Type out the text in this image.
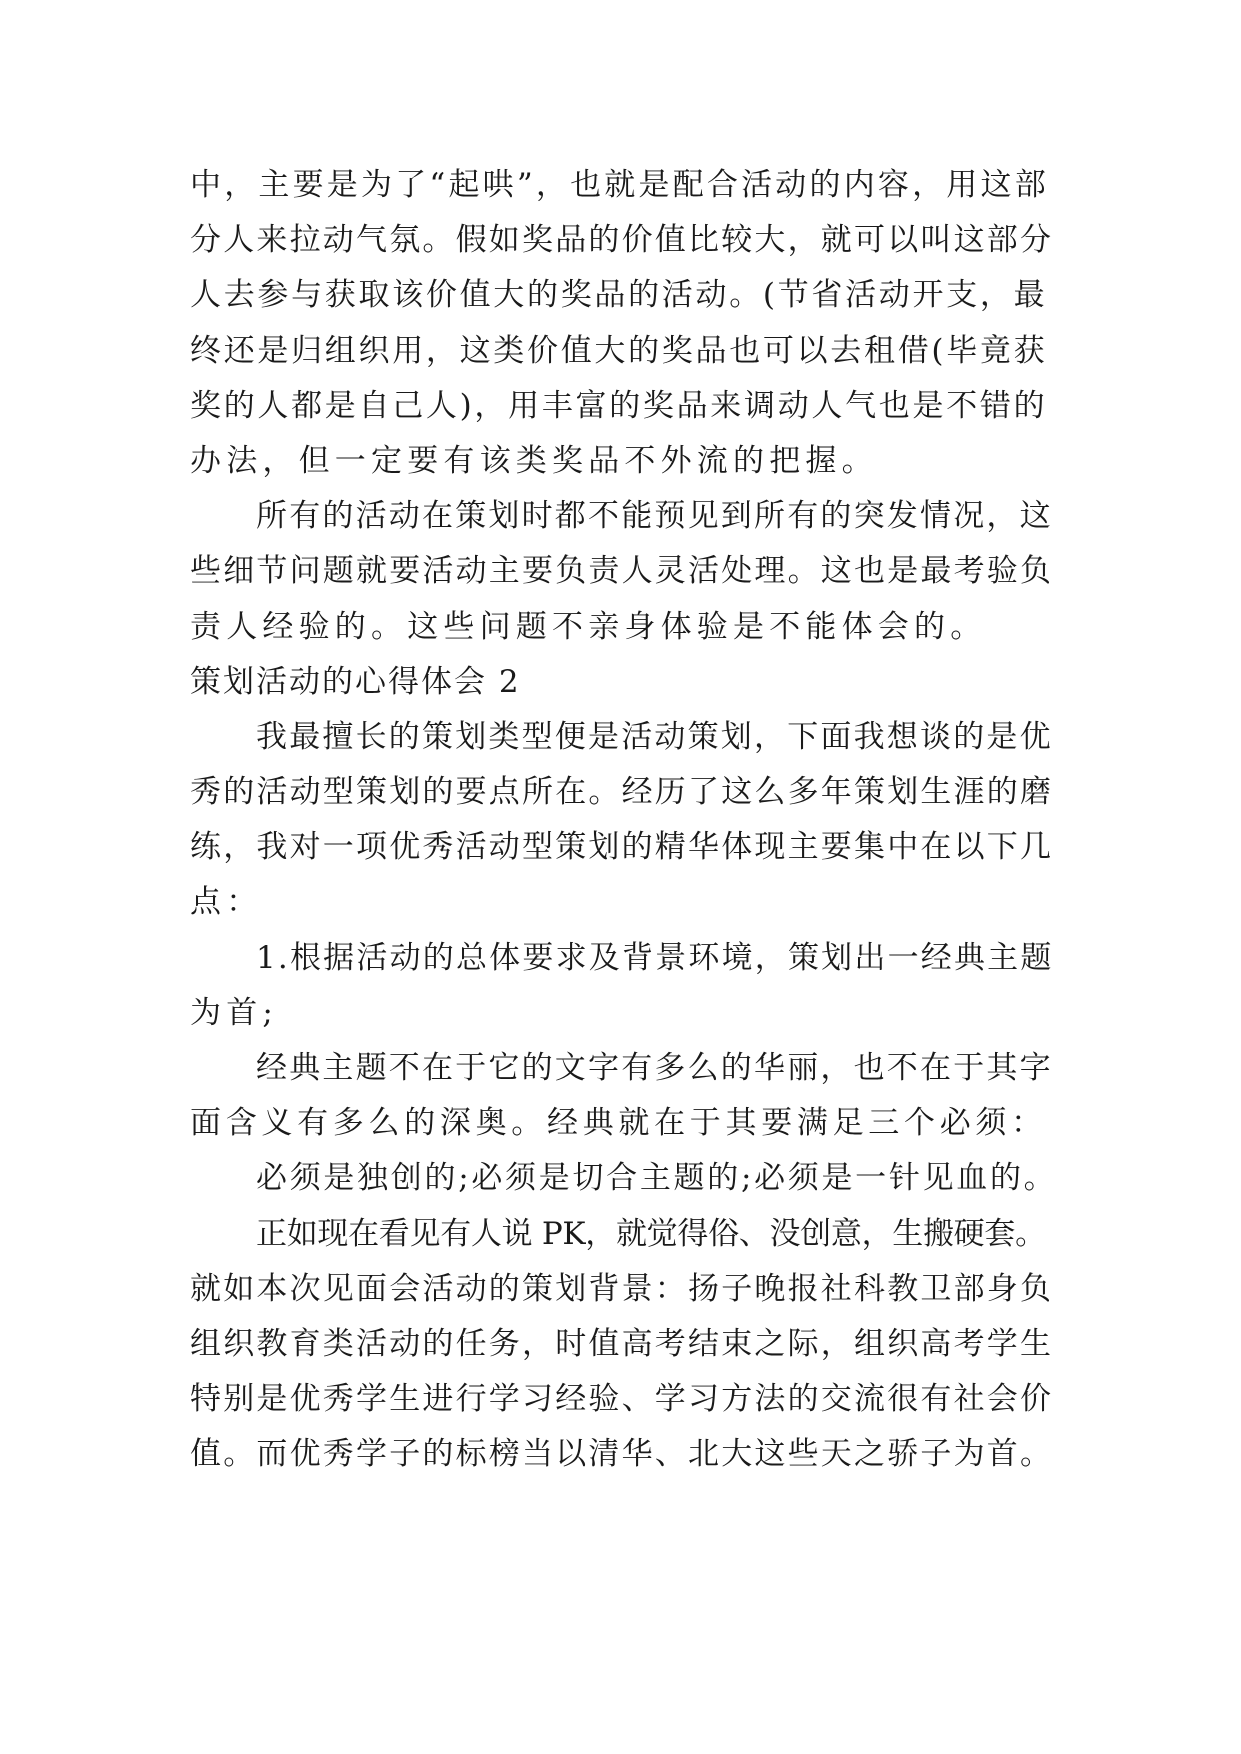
中，主要是为了“起哄”，也就是配合活动的内容，用这部
分人来拉动气氛。假如奖品的价值比较大，就可以叫这部分
人去参与获取该价值大的奖品的活动。(节省活动开支，最
终还是归组织用，这类价值大的奖品也可以去租借(毕竟获
奖的人都是自己人)，用丰富的奖品来调动人气也是不错的
办法，但一定要有该类奖品不外流的把握。
所有的活动在策划时都不能预见到所有的突发情况，这
些细节问题就要活动主要负责人灵活处理。这也是最考验负
责人经验的。这些问题不亲身体验是不能体会的。
策划活动的心得体会 2
我最擅长的策划类型便是活动策划，下面我想谈的是优
秀的活动型策划的要点所在。经历了这么多年策划生涯的磨
练，我对一项优秀活动型策划的精华体现主要集中在以下几
点：
1.根据活动的总体要求及背景环境，策划出一经典主题
为首;
经典主题不在于它的文字有多么的华丽，也不在于其字
面含义有多么的深奥。经典就在于其要满足三个必须：
必须是独创的;必须是切合主题的;必须是一针见血的。
正如现在看见有人说 PK，就觉得俗、没创意，生搬硬套。
就如本次见面会活动的策划背景：扬子晚报社科教卫部身负
组织教育类活动的任务，时值高考结束之际，组织高考学生
特别是优秀学生进行学习经验、学习方法的交流很有社会价
值。而优秀学子的标榜当以清华、北大这些天之骄子为首。
